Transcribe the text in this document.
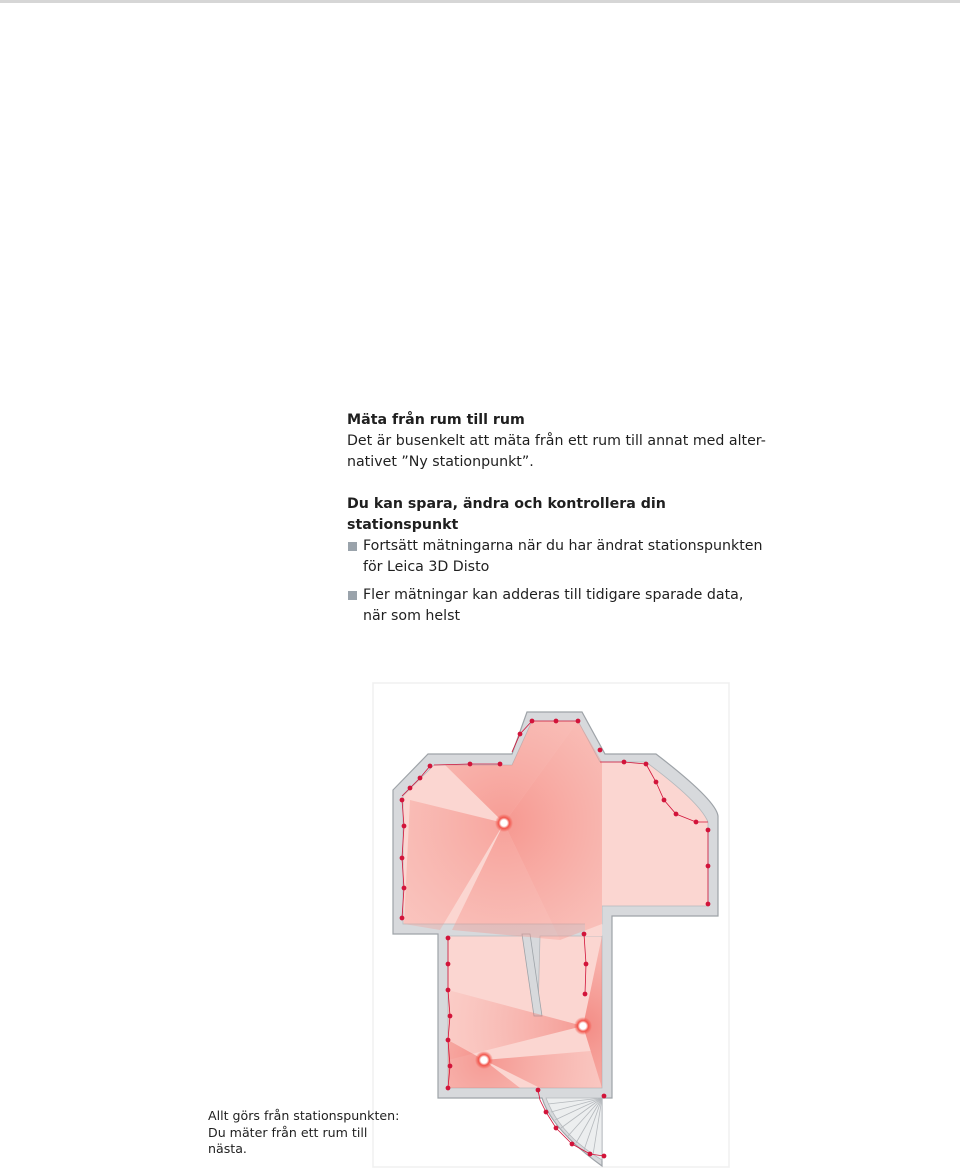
Mäta från rum till rum

Det är busenkelt att mäta från ett rum till annat med alter-

nativet ”Ny stationpunkt”.

Du kan spara, ändra och kontrollera din

stationspunkt

Fortsätt mätningarna när du har ändrat stationspunkten
för Leica 3D Disto
Fler mätningar kan adderas till tidigare sparade data,
när som helst
Allt görs från stationspunkten:
Du mäter från ett rum till
nästa.
